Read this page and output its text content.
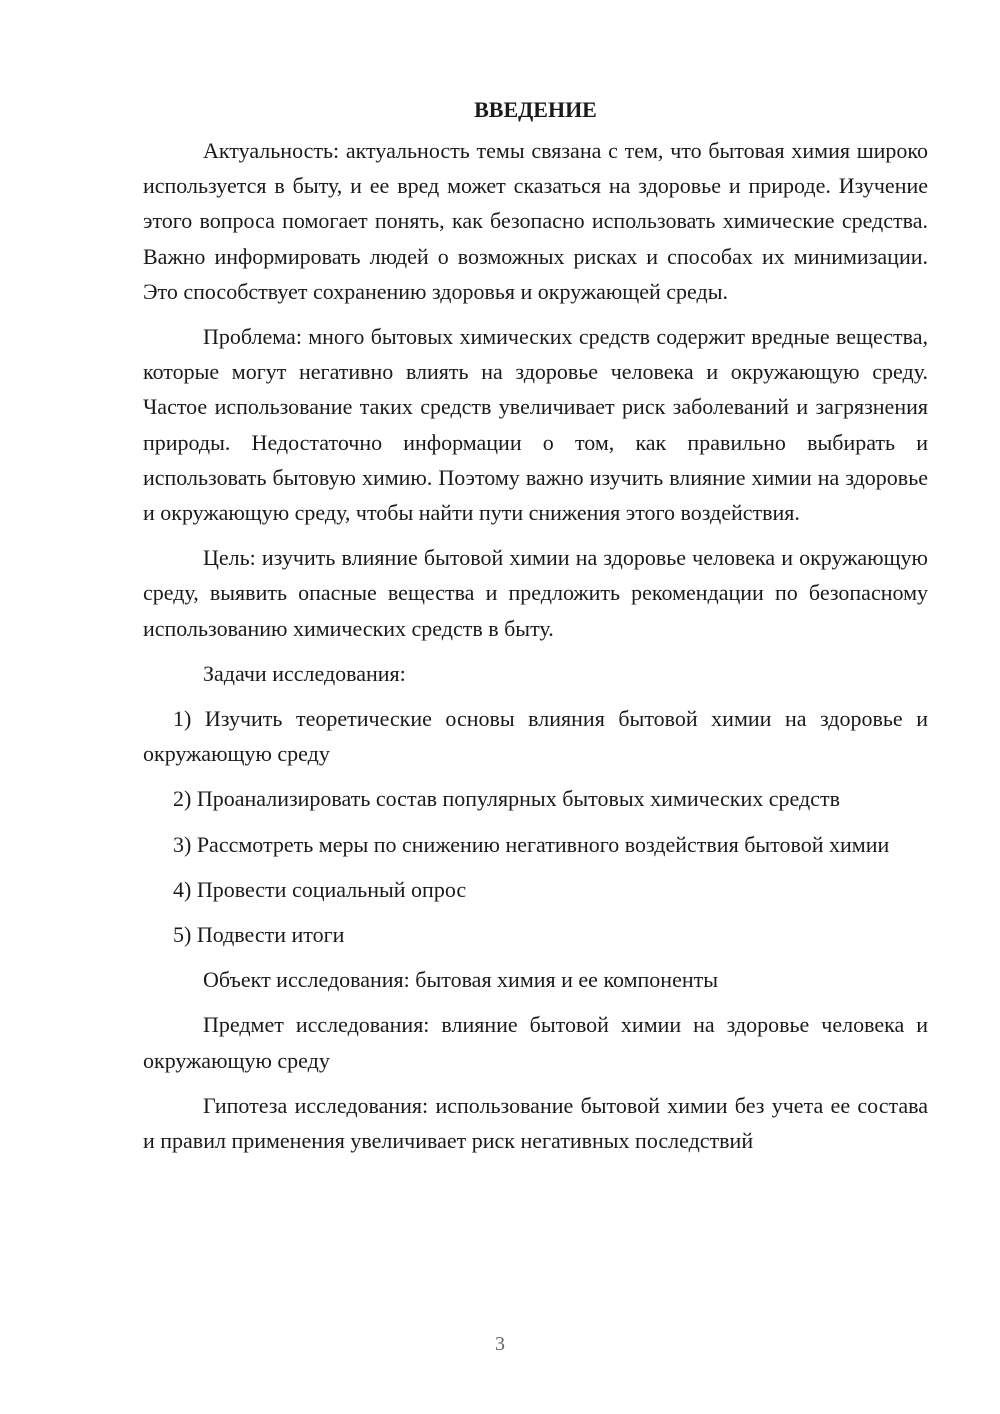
ВВЕДЕНИЕ

Актуальность: актуальность темы связана с тем, что бытовая химия широко используется в быту, и ее вред может сказаться на здоровье и природе. Изучение этого вопроса помогает понять, как безопасно использовать химические средства. Важно информировать людей о возможных рисках и способах их минимизации. Это способствует сохранению здоровья и окружающей среды.

Проблема: много бытовых химических средств содержит вредные вещества, которые могут негативно влиять на здоровье человека и окружающую среду. Частое использование таких средств увеличивает риск заболеваний и загрязнения природы. Недостаточно информации о том, как правильно выбирать и использовать бытовую химию. Поэтому важно изучить влияние химии на здоровье и окружающую среду, чтобы найти пути снижения этого воздействия.

Цель: изучить влияние бытовой химии на здоровье человека и окружающую среду, выявить опасные вещества и предложить рекомендации по безопасному использованию химических средств в быту.

Задачи исследования:

1) Изучить теоретические основы влияния бытовой химии на здоровье и окружающую среду

2) Проанализировать состав популярных бытовых химических средств

3) Рассмотреть меры по снижению негативного воздействия бытовой химии

4) Провести социальный опрос

5) Подвести итоги

Объект исследования: бытовая химия и ее компоненты

Предмет исследования: влияние бытовой химии на здоровье человека и окружающую среду

Гипотеза исследования: использование бытовой химии без учета ее состава и правил применения увеличивает риск негативных последствий

3
